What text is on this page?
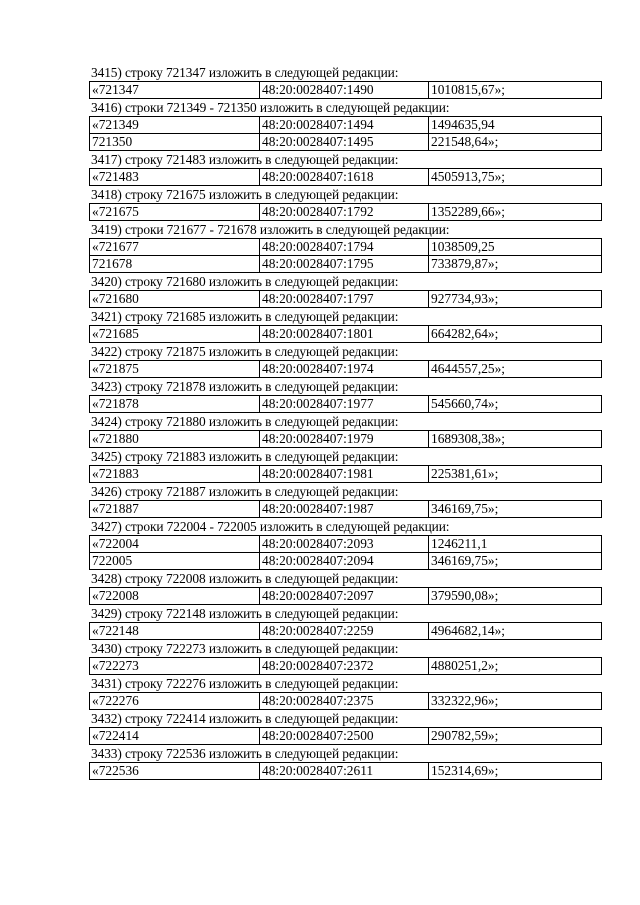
3415) строку 721347 изложить в следующей редакции:
«721347	48:20:0028407:1490	1010815,67»;
3416) строки 721349 - 721350 изложить в следующей редакции:
«721349	48:20:0028407:1494	1494635,94
721350	48:20:0028407:1495	221548,64»;
3417) строку 721483 изложить в следующей редакции:
«721483	48:20:0028407:1618	4505913,75»;
3418) строку 721675 изложить в следующей редакции:
«721675	48:20:0028407:1792	1352289,66»;
3419) строки 721677 - 721678 изложить в следующей редакции:
«721677	48:20:0028407:1794	1038509,25
721678	48:20:0028407:1795	733879,87»;
3420) строку 721680 изложить в следующей редакции:
«721680	48:20:0028407:1797	927734,93»;
3421) строку 721685 изложить в следующей редакции:
«721685	48:20:0028407:1801	664282,64»;
3422) строку 721875 изложить в следующей редакции:
«721875	48:20:0028407:1974	4644557,25»;
3423) строку 721878 изложить в следующей редакции:
«721878	48:20:0028407:1977	545660,74»;
3424) строку 721880 изложить в следующей редакции:
«721880	48:20:0028407:1979	1689308,38»;
3425) строку 721883 изложить в следующей редакции:
«721883	48:20:0028407:1981	225381,61»;
3426) строку 721887 изложить в следующей редакции:
«721887	48:20:0028407:1987	346169,75»;
3427) строки 722004 - 722005 изложить в следующей редакции:
«722004	48:20:0028407:2093	1246211,1
722005	48:20:0028407:2094	346169,75»;
3428) строку 722008 изложить в следующей редакции:
«722008	48:20:0028407:2097	379590,08»;
3429) строку 722148 изложить в следующей редакции:
«722148	48:20:0028407:2259	4964682,14»;
3430) строку 722273 изложить в следующей редакции:
«722273	48:20:0028407:2372	4880251,2»;
3431) строку 722276 изложить в следующей редакции:
«722276	48:20:0028407:2375	332322,96»;
3432) строку 722414 изложить в следующей редакции:
«722414	48:20:0028407:2500	290782,59»;
3433) строку 722536 изложить в следующей редакции:
«722536	48:20:0028407:2611	152314,69»;
